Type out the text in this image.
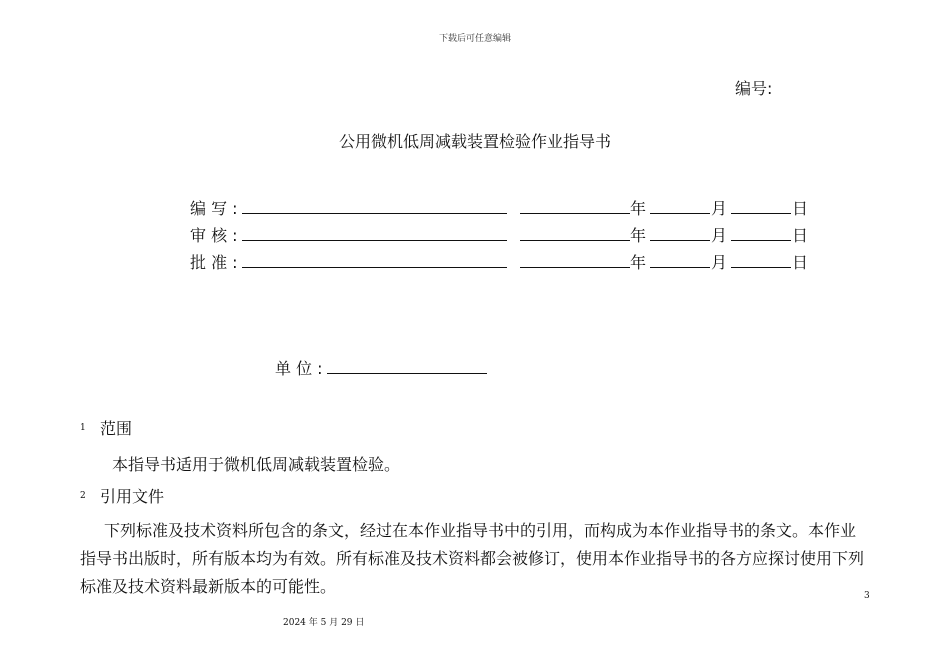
下载后可任意编辑
编号:
公用微机低周减载装置检验作业指导书
编 写 :	年	月	日
审 核 :	年	月	日
批 准 :	年	月	日
单 位 :
1 范围
本指导书适用于微机低周减载装置检验。
2 引用文件
下列标准及技术资料所包含的条文，经过在本作业指导书中的引用，而构成为本作业指导书的条文。本作业
指导书出版时，所有版本均为有效。所有标准及技术资料都会被修订，使用本作业指导书的各方应探讨使用下列
标准及技术资料最新版本的可能性。	3
2024 年 5 月 29 日
